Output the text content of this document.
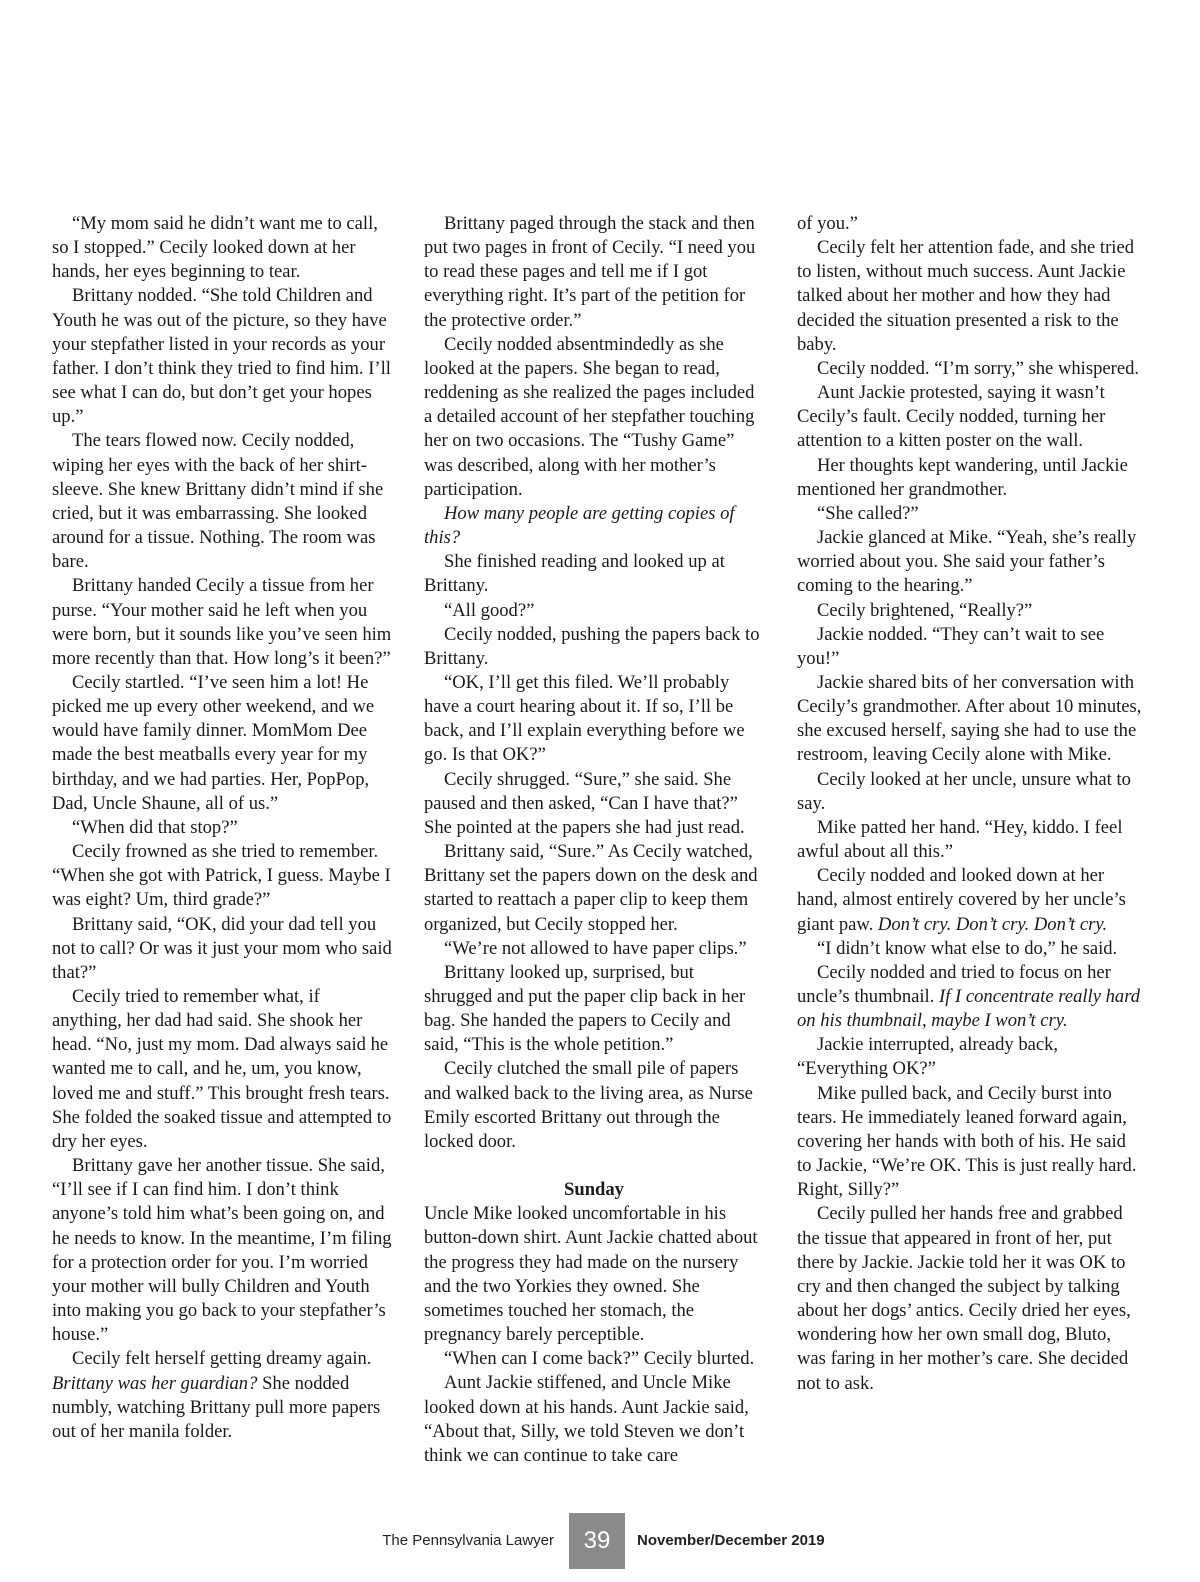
“My mom said he didn’t want me to call, so I stopped.” Cecily looked down at her hands, her eyes beginning to tear.

Brittany nodded. “She told Children and Youth he was out of the picture, so they have your stepfather listed in your records as your father. I don’t think they tried to find him. I’ll see what I can do, but don’t get your hopes up.”

The tears flowed now. Cecily nodded, wiping her eyes with the back of her shirt-sleeve. She knew Brittany didn’t mind if she cried, but it was embarrassing. She looked around for a tissue. Nothing. The room was bare.

Brittany handed Cecily a tissue from her purse. “Your mother said he left when you were born, but it sounds like you’ve seen him more recently than that. How long’s it been?”

Cecily startled. “I’ve seen him a lot! He picked me up every other weekend, and we would have family dinner. MomMom Dee made the best meatballs every year for my birthday, and we had parties. Her, PopPop, Dad, Uncle Shaune, all of us.”

“When did that stop?”

Cecily frowned as she tried to remember. “When she got with Patrick, I guess. Maybe I was eight? Um, third grade?”

Brittany said, “OK, did your dad tell you not to call? Or was it just your mom who said that?”

Cecily tried to remember what, if anything, her dad had said. She shook her head. “No, just my mom. Dad always said he wanted me to call, and he, um, you know, loved me and stuff.” This brought fresh tears. She folded the soaked tissue and attempted to dry her eyes.

Brittany gave her another tissue. She said, “I’ll see if I can find him. I don’t think anyone’s told him what’s been going on, and he needs to know. In the meantime, I’m filing for a protection order for you. I’m worried your mother will bully Children and Youth into making you go back to your stepfather’s house.”

Cecily felt herself getting dreamy again. Brittany was her guardian? She nodded numbly, watching Brittany pull more papers out of her manila folder.

Brittany paged through the stack and then put two pages in front of Cecily. “I need you to read these pages and tell me if I got everything right. It’s part of the petition for the protective order.”

Cecily nodded absentmindedly as she looked at the papers. She began to read, reddening as she realized the pages included a detailed account of her stepfather touching her on two occasions. The “Tushy Game” was described, along with her mother’s participation.

How many people are getting copies of this?

She finished reading and looked up at Brittany.

“All good?”

Cecily nodded, pushing the papers back to Brittany.

“OK, I’ll get this filed. We’ll probably have a court hearing about it. If so, I’ll be back, and I’ll explain everything before we go. Is that OK?”

Cecily shrugged. “Sure,” she said. She paused and then asked, “Can I have that?” She pointed at the papers she had just read.

Brittany said, “Sure.” As Cecily watched, Brittany set the papers down on the desk and started to reattach a paper clip to keep them organized, but Cecily stopped her.

“We’re not allowed to have paper clips.”

Brittany looked up, surprised, but shrugged and put the paper clip back in her bag. She handed the papers to Cecily and said, “This is the whole petition.”

Cecily clutched the small pile of papers and walked back to the living area, as Nurse Emily escorted Brittany out through the locked door.

Sunday

Uncle Mike looked uncomfortable in his button-down shirt. Aunt Jackie chatted about the progress they had made on the nursery and the two Yorkies they owned. She sometimes touched her stomach, the pregnancy barely perceptible.

“When can I come back?” Cecily blurted.

Aunt Jackie stiffened, and Uncle Mike looked down at his hands. Aunt Jackie said, “About that, Silly, we told Steven we don’t think we can continue to take care

of you.”

Cecily felt her attention fade, and she tried to listen, without much success. Aunt Jackie talked about her mother and how they had decided the situation presented a risk to the baby.

Cecily nodded. “I’m sorry,” she whispered.

Aunt Jackie protested, saying it wasn’t Cecily’s fault. Cecily nodded, turning her attention to a kitten poster on the wall.

Her thoughts kept wandering, until Jackie mentioned her grandmother.

“She called?”

Jackie glanced at Mike. “Yeah, she’s really worried about you. She said your father’s coming to the hearing.”

Cecily brightened, “Really?”

Jackie nodded. “They can’t wait to see you!”

Jackie shared bits of her conversation with Cecily’s grandmother. After about 10 minutes, she excused herself, saying she had to use the restroom, leaving Cecily alone with Mike.

Cecily looked at her uncle, unsure what to say.

Mike patted her hand. “Hey, kiddo. I feel awful about all this.”

Cecily nodded and looked down at her hand, almost entirely covered by her uncle’s giant paw. Don’t cry. Don’t cry. Don’t cry.

“I didn’t know what else to do,” he said.

Cecily nodded and tried to focus on her uncle’s thumbnail. If I concentrate really hard on his thumbnail, maybe I won’t cry.

Jackie interrupted, already back, “Everything OK?”

Mike pulled back, and Cecily burst into tears. He immediately leaned forward again, covering her hands with both of his. He said to Jackie, “We’re OK. This is just really hard. Right, Silly?”

Cecily pulled her hands free and grabbed the tissue that appeared in front of her, put there by Jackie. Jackie told her it was OK to cry and then changed the subject by talking about her dogs’ antics. Cecily dried her eyes, wondering how her own small dog, Bluto, was faring in her mother’s care. She decided not to ask.

The Pennsylvania Lawyer	39	November/December 2019
